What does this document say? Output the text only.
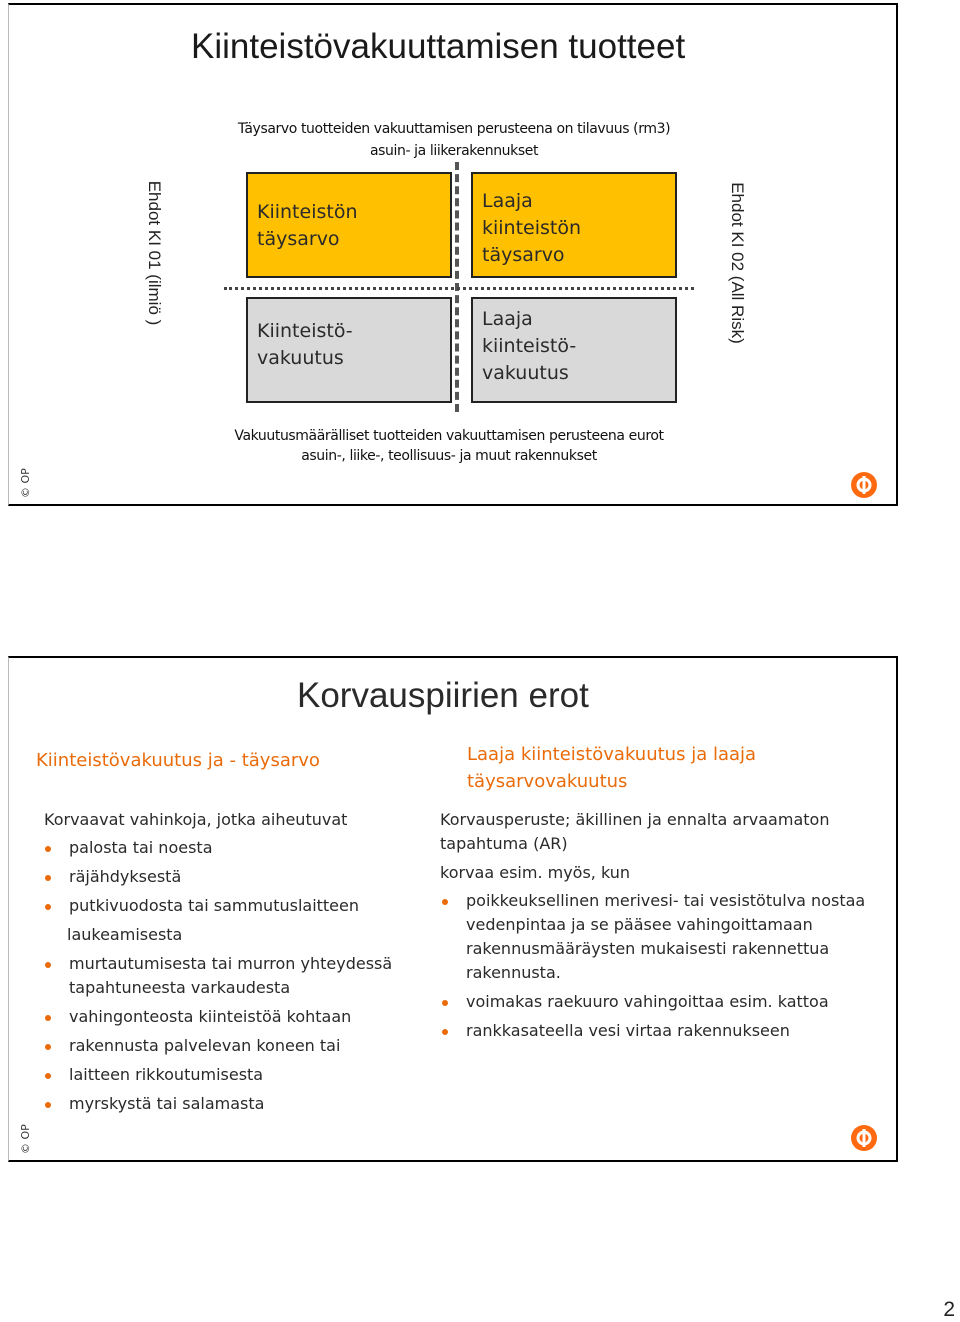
Kiinteistövakuuttamisen tuotteet
Täysarvo tuotteiden vakuuttamisen perusteena on tilavuus (rm3)
asuin- ja liikerakennukset
Kiinteistön
täysarvo
Laaja
kiinteistön
täysarvo
Kiinteistö-
vakuutus
Laaja
kiinteistö-
vakuutus
Ehdot KI 01 (ilmiö )	Ehdot KI 02 (All Risk)
Vakuutusmäärälliset tuotteiden vakuuttamisen perusteena eurot
asuin-, liike-, teollisuus- ja muut rakennukset
© OP
Korvauspiirien erot
Kiinteistövakuutus ja - täysarvo
Korvaavat vahinkoja, jotka aiheutuvat
palosta tai noesta
räjähdyksestä
putkivuodosta tai sammutuslaitteen
laukeamisesta
murtautumisesta tai murron yhteydessä tapahtuneesta varkaudesta
vahingonteosta kiinteistöä kohtaan
rakennusta palvelevan koneen tai
laitteen rikkoutumisesta
myrskystä tai salamasta
Laaja kiinteistövakuutus ja laaja täysarvovakuutus
Korvausperuste; äkillinen ja ennalta arvaamaton tapahtuma (AR)
korvaa esim. myös, kun
poikkeuksellinen merivesi- tai vesistötulva nostaa vedenpintaa ja se pääsee vahingoittamaan rakennusmääräysten mukaisesti rakennettua rakennusta.
voimakas raekuuro vahingoittaa esim. kattoa
rankkasateella vesi virtaa rakennukseen
© OP
2
